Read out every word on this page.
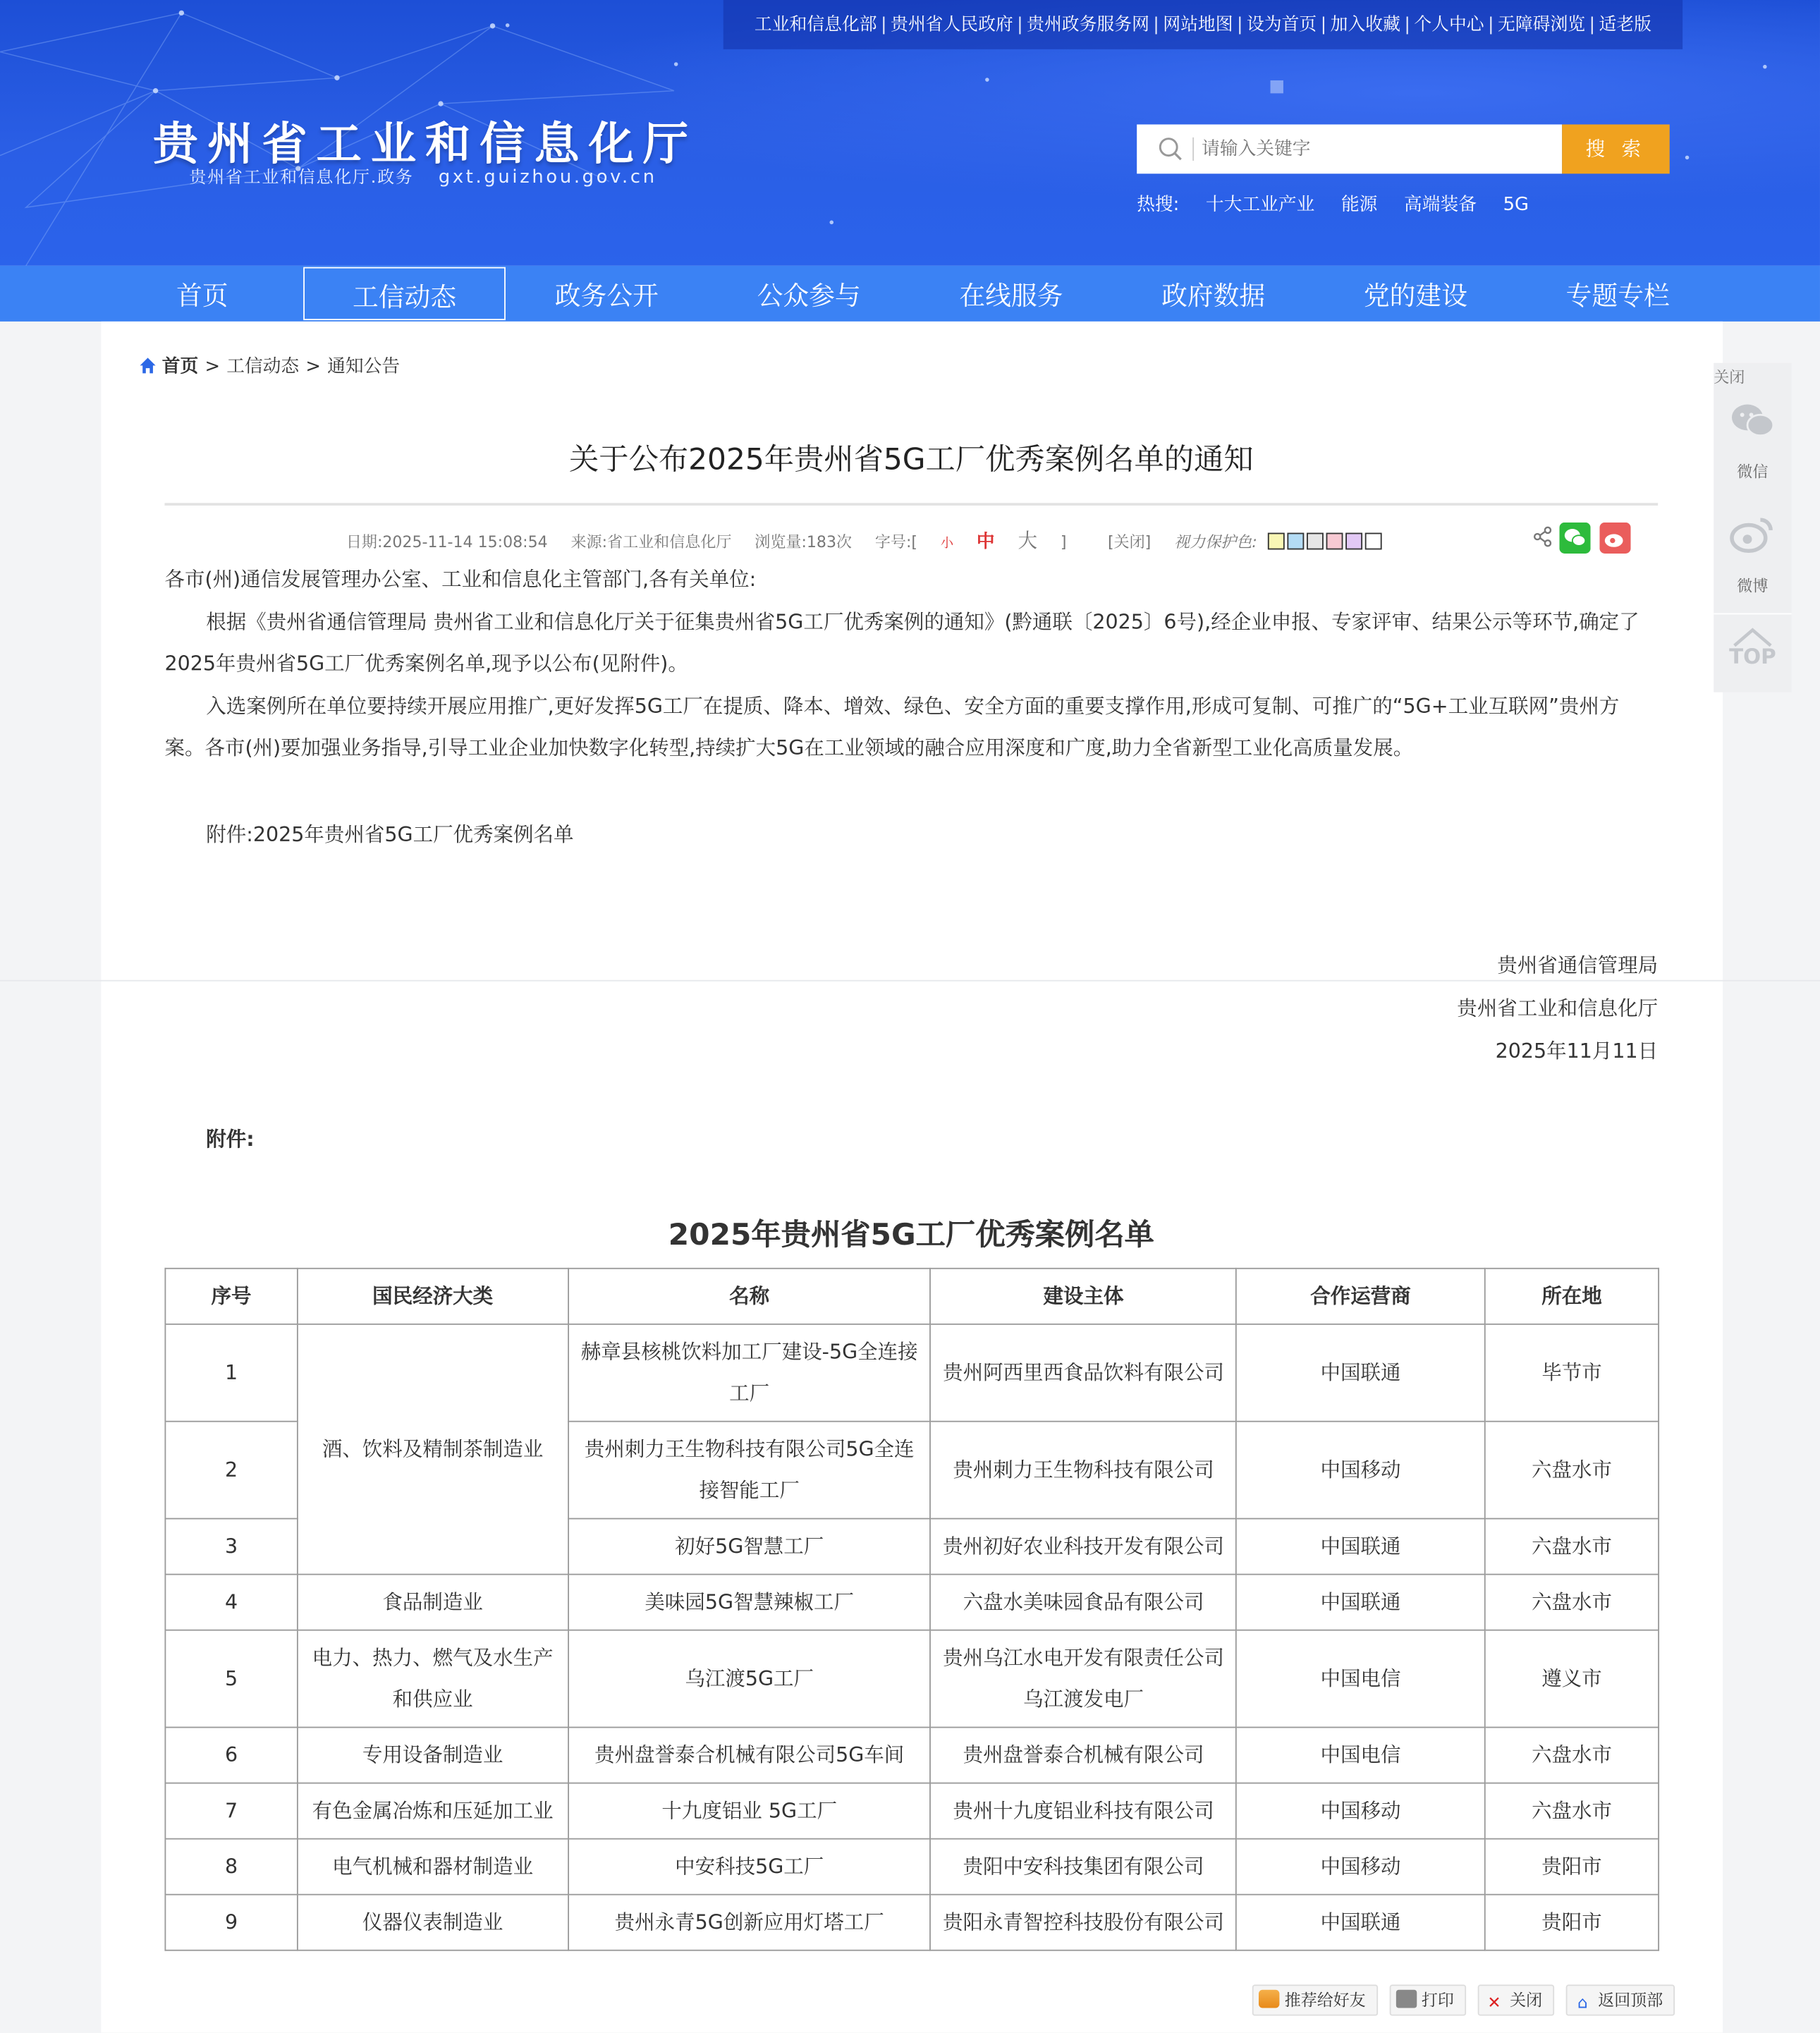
工业和信息化部 | 贵州省人民政府 | 贵州政务服务网 | 网站地图 | 设为首页 | 加入收藏 | 个人中心 | 无障碍浏览 | 适老版
贵州省工业和信息化厅
贵州省工业和信息化厅.政务	gxt.guizhou.gov.cn
请输入关键字
搜 索
热搜:	十大工业产业	能源	高端装备	5G
首页	工信动态	政务公开	公众参与	在线服务	政府数据	党的建设	专题专栏
首页 > 工信动态 > 通知公告
关于公布2025年贵州省5G工厂优秀案例名单的通知
日期:2025-11-14 15:08:54	来源:省工业和信息化厅	浏览量:183次	字号:[	小 中 大	]	[关闭]	视力保护色:
各市(州)通信发展管理办公室、工业和信息化主管部门,各有关单位:
根据《贵州省通信管理局 贵州省工业和信息化厅关于征集贵州省5G工厂优秀案例的通知》(黔通联〔2025〕6号),经企业申报、专家评审、结果公示等环节,确定了2025年贵州省5G工厂优秀案例名单,现予以公布(见附件)。
入选案例所在单位要持续开展应用推广,更好发挥5G工厂在提质、降本、增效、绿色、安全方面的重要支撑作用,形成可复制、可推广的“5G+工业互联网”贵州方案。各市(州)要加强业务指导,引导工业企业加快数字化转型,持续扩大5G在工业领域的融合应用深度和广度,助力全省新型工业化高质量发展。
附件:2025年贵州省5G工厂优秀案例名单
贵州省通信管理局
贵州省工业和信息化厅
2025年11月11日
附件:
2025年贵州省5G工厂优秀案例名单
序号	国民经济大类	名称	建设主体	合作运营商	所在地
1	酒、饮料及精制茶制造业	赫章县核桃饮料加工厂建设-5G全连接工厂	贵州阿西里西食品饮料有限公司	中国联通	毕节市
2		贵州刺力王生物科技有限公司5G全连接智能工厂	贵州刺力王生物科技有限公司	中国移动	六盘水市
3		初好5G智慧工厂	贵州初好农业科技开发有限公司	中国联通	六盘水市
4	食品制造业	美味园5G智慧辣椒工厂	六盘水美味园食品有限公司	中国联通	六盘水市
5	电力、热力、燃气及水生产和供应业	乌江渡5G工厂	贵州乌江水电开发有限责任公司乌江渡发电厂	中国电信	遵义市
6	专用设备制造业	贵州盘誉泰合机械有限公司5G车间	贵州盘誉泰合机械有限公司	中国电信	六盘水市
7	有色金属冶炼和压延加工业	十九度铝业 5G工厂	贵州十九度铝业科技有限公司	中国移动	六盘水市
8	电气机械和器材制造业	中安科技5G工厂	贵阳中安科技集团有限公司	中国移动	贵阳市
9	仪器仪表制造业	贵州永青5G创新应用灯塔工厂	贵阳永青智控科技股份有限公司	中国联通	贵阳市
关闭
微信
微博
TOP
推荐给好友	打印	✕ 关闭	⌂ 返回顶部
